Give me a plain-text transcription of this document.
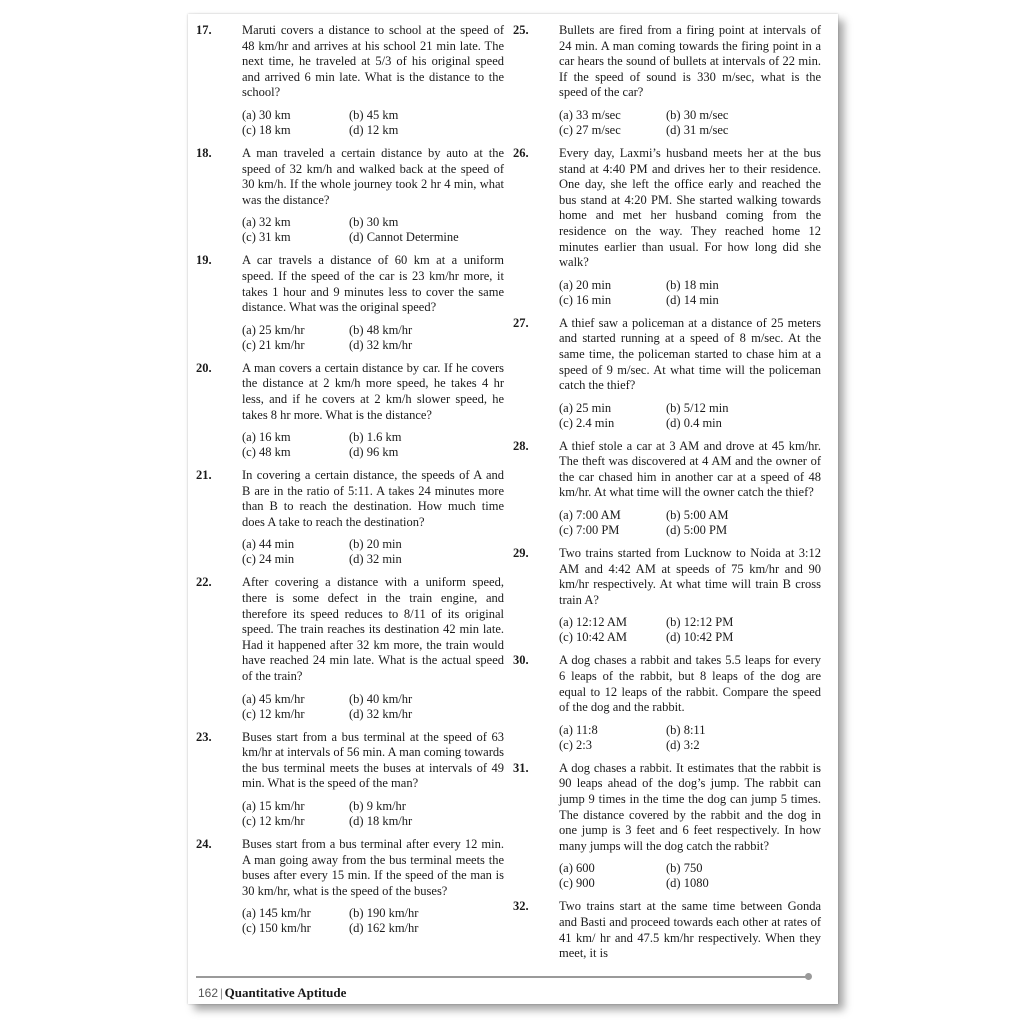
17.	Maruti covers a distance to school at the speed of 48 km/hr and arrives at his school 21 min late. The next time, he traveled at 5/3 of his original speed and arrived 6 min late. What is the distance to the school?
(a) 30 km	(b) 45 km
(c) 18 km	(d) 12 km
18.	A man traveled a certain distance by auto at the speed of 32 km/h and walked back at the speed of 30 km/h. If the whole journey took 2 hr 4 min, what was the distance?
(a) 32 km	(b) 30 km
(c) 31 km	(d) Cannot Determine
19.	A car travels a distance of 60 km at a uniform speed. If the speed of the car is 23 km/hr more, it takes 1 hour and 9 minutes less to cover the same distance. What was the original speed?
(a) 25 km/hr	(b) 48 km/hr
(c) 21 km/hr	(d) 32 km/hr
20.	A man covers a certain distance by car. If he covers the distance at 2 km/h more speed, he takes 4 hr less, and if he covers at 2 km/h slower speed, he takes 8 hr more. What is the distance?
(a) 16 km	(b) 1.6 km
(c) 48 km	(d) 96 km
21.	In covering a certain distance, the speeds of A and B are in the ratio of 5:11. A takes 24 minutes more than B to reach the destination. How much time does A take to reach the destination?
(a) 44 min	(b) 20 min
(c) 24 min	(d) 32 min
22.	After covering a distance with a uniform speed, there is some defect in the train engine, and therefore its speed reduces to 8/11 of its original speed. The train reaches its destination 42 min late. Had it happened after 32 km more, the train would have reached 24 min late. What is the actual speed of the train?
(a) 45 km/hr	(b) 40 km/hr
(c) 12 km/hr	(d) 32 km/hr
23.	Buses start from a bus terminal at the speed of 63 km/hr at intervals of 56 min. A man coming towards the bus terminal meets the buses at intervals of 49 min. What is the speed of the man?
(a) 15 km/hr	(b) 9 km/hr
(c) 12 km/hr	(d) 18 km/hr
24.	Buses start from a bus terminal after every 12 min. A man going away from the bus terminal meets the buses after every 15 min. If the speed of the man is 30 km/hr, what is the speed of the buses?
(a) 145 km/hr	(b) 190 km/hr
(c) 150 km/hr	(d) 162 km/hr
25.	Bullets are fired from a firing point at intervals of 24 min. A man coming towards the firing point in a car hears the sound of bullets at intervals of 22 min. If the speed of sound is 330 m/sec, what is the speed of the car?
(a) 33 m/sec	(b) 30 m/sec
(c) 27 m/sec	(d) 31 m/sec
26.	Every day, Laxmi’s husband meets her at the bus stand at 4:40 PM and drives her to their residence. One day, she left the office early and reached the bus stand at 4:20 PM. She started walking towards home and met her husband coming from the residence on the way. They reached home 12 minutes earlier than usual. For how long did she walk?
(a) 20 min	(b) 18 min
(c) 16 min	(d) 14 min
27.	A thief saw a policeman at a distance of 25 meters and started running at a speed of 8 m/sec. At the same time, the policeman started to chase him at a speed of 9 m/sec. At what time will the policeman catch the thief?
(a) 25 min	(b) 5/12 min
(c) 2.4 min	(d) 0.4 min
28.	A thief stole a car at 3 AM and drove at 45 km/hr. The theft was discovered at 4 AM and the owner of the car chased him in another car at a speed of 48 km/hr. At what time will the owner catch the thief?
(a) 7:00 AM	(b) 5:00 AM
(c) 7:00 PM	(d) 5:00 PM
29.	Two trains started from Lucknow to Noida at 3:12 AM and 4:42 AM at speeds of 75 km/hr and 90 km/hr respectively. At what time will train B cross train A?
(a) 12:12 AM	(b) 12:12 PM
(c) 10:42 AM	(d) 10:42 PM
30.	A dog chases a rabbit and takes 5.5 leaps for every 6 leaps of the rabbit, but 8 leaps of the dog are equal to 12 leaps of the rabbit. Compare the speed of the dog and the rabbit.
(a) 11:8	(b) 8:11
(c) 2:3	(d) 3:2
31.	A dog chases a rabbit. It estimates that the rabbit is 90 leaps ahead of the dog’s jump. The rabbit can jump 9 times in the time the dog can jump 5 times. The distance covered by the rabbit and the dog in one jump is 3 feet and 6 feet respectively. In how many jumps will the dog catch the rabbit?
(a) 600	(b) 750
(c) 900	(d) 1080
32.	Two trains start at the same time between Gonda and Basti and proceed towards each other at rates of 41 km/ hr and 47.5 km/hr respectively. When they meet, it is
162 | Quantitative Aptitude
